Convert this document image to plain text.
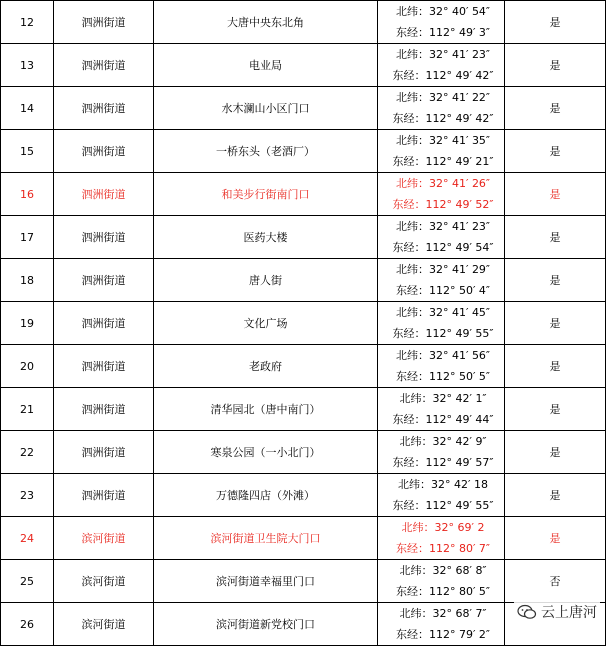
12	泗洲街道	大唐中央东北角	北纬：32° 40′ 54″
东经：112° 49′ 3″	是
13	泗洲街道	电业局	北纬：32° 41′ 23″
东经：112° 49′ 42″	是
14	泗洲街道	水木澜山小区门口	北纬：32° 41′ 22″
东经：112° 49′ 42″	是
15	泗洲街道	一桥东头（老酒厂）	北纬：32° 41′ 35″
东经：112° 49′ 21″	是
16	泗洲街道	和美步行街南门口	北纬：32° 41′ 26″
东经：112° 49′ 52″	是
17	泗洲街道	医药大楼	北纬：32° 41′ 23″
东经：112° 49′ 54″	是
18	泗洲街道	唐人街	北纬：32° 41′ 29″
东经：112° 50′ 4″	是
19	泗洲街道	文化广场	北纬：32° 41′ 45″
东经：112° 49′ 55″	是
20	泗洲街道	老政府	北纬：32° 41′ 56″
东经：112° 50′ 5″	是
21	泗洲街道	清华园北（唐中南门）	北纬：32° 42′ 1″
东经：112° 49′ 44″	是
22	泗洲街道	寒泉公园（一小北门）	北纬：32° 42′ 9″
东经：112° 49′ 57″	是
23	泗洲街道	万德隆四店（外滩）	北纬：32° 42′ 18
东经：112° 49′ 55″	是
24	滨河街道	滨河街道卫生院大门口	北纬：32° 69′ 2
东经：112° 80′ 7″	是
25	滨河街道	滨河街道幸福里门口	北纬：32° 68′ 8″
东经：112° 80′ 5″	否
26	滨河街道	滨河街道新党校门口	北纬：32° 68′ 7″
东经：112° 79′ 2″	

云上唐河
